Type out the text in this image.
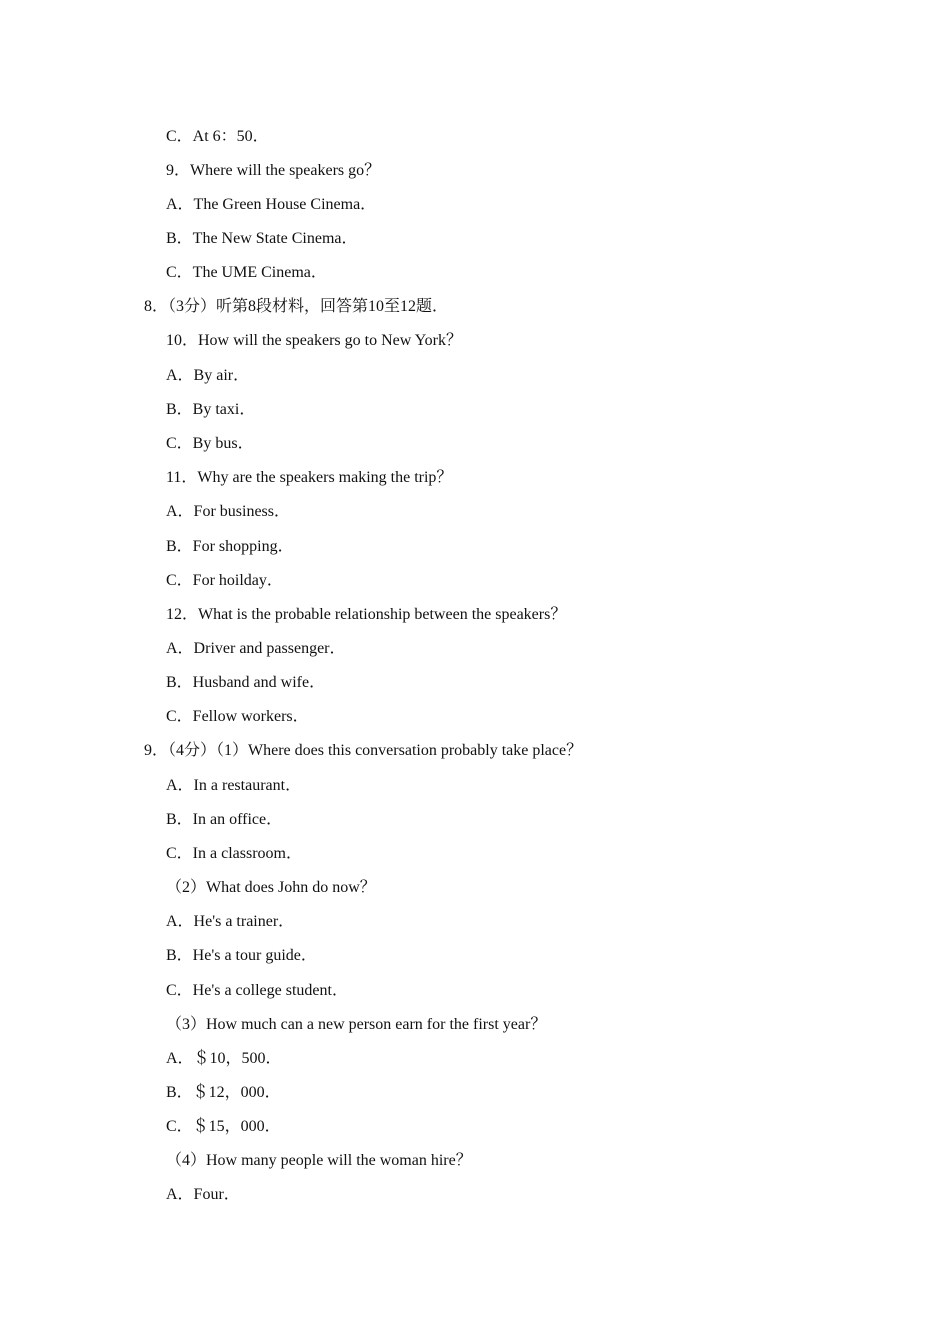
C．At 6：50．
9．Where will the speakers go？
A．The Green House Cinema．
B．The New State Cinema．
C．The UME Cinema．
8．（3分）听第8段材料，回答第10至12题．
10．How will the speakers go to New York？
A．By air．
B．By taxi．
C．By bus．
11．Why are the speakers making the trip？
A．For business．
B．For shopping．
C．For hoilday．
12．What is the probable relationship between the speakers？
A．Driver and passenger．
B．Husband and wife．
C．Fellow workers．
9．（4分）（1）Where does this conversation probably take place？
A．In a restaurant．
B．In an office．
C．In a classroom．
（2）What does John do now？
A．He's a trainer．
B．He's a tour guide．
C．He's a college student．
（3）How much can a new person earn for the first year？
A．＄10，500．
B．＄12，000．
C．＄15，000．
（4）How many people will the woman hire？
A．Four．
